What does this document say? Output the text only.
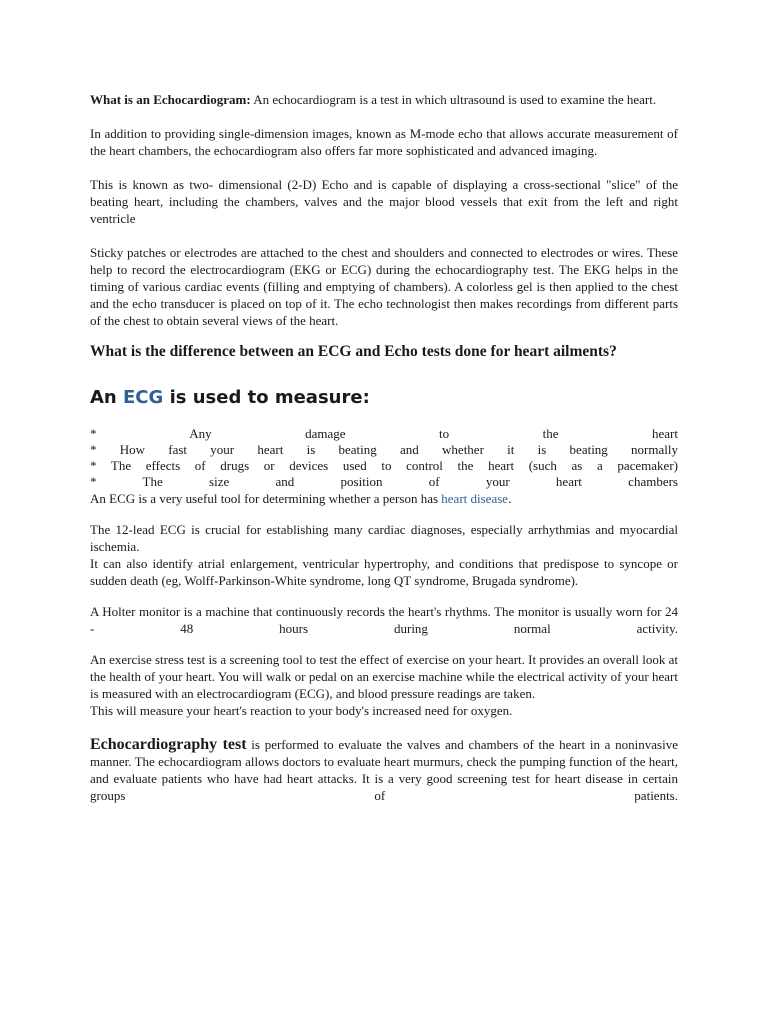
What is an Echocardiogram: An echocardiogram is a test in which ultrasound is used to examine the heart.

In addition to providing single-dimension images, known as M-mode echo that allows accurate measurement of the heart chambers, the echocardiogram also offers far more sophisticated and advanced imaging.

This is known as two- dimensional (2-D) Echo and is capable of displaying a cross-sectional "slice" of the beating heart, including the chambers, valves and the major blood vessels that exit from the left and right ventricle

Sticky patches or electrodes are attached to the chest and shoulders and connected to electrodes or wires. These help to record the electrocardiogram (EKG or ECG) during the echocardiography test. The EKG helps in the timing of various cardiac events (filling and emptying of chambers). A colorless gel is then applied to the chest and the echo transducer is placed on top of it. The echo technologist then makes recordings from different parts of the chest to obtain several views of the heart.

What is the difference between an ECG and Echo tests done for heart ailments?

An ECG is used to measure:

* Any damage to the heart
* How fast your heart is beating and whether it is beating normally
* The effects of drugs or devices used to control the heart (such as a pacemaker)
* The size and position of your heart chambers

An ECG is a very useful tool for determining whether a person has heart disease.

The 12-lead ECG is crucial for establishing many cardiac diagnoses, especially arrhythmias and myocardial ischemia.

It can also identify atrial enlargement, ventricular hypertrophy, and conditions that predispose to syncope or sudden death (eg, Wolff-Parkinson-White syndrome, long QT syndrome, Brugada syndrome).

A Holter monitor is a machine that continuously records the heart's rhythms. The monitor is usually worn for 24 - 48 hours during normal activity.

An exercise stress test is a screening tool to test the effect of exercise on your heart. It provides an overall look at the health of your heart. You will walk or pedal on an exercise machine while the electrical activity of your heart is measured with an electrocardiogram (ECG), and blood pressure readings are taken.

This will measure your heart's reaction to your body's increased need for oxygen.

Echocardiography test is performed to evaluate the valves and chambers of the heart in a noninvasive manner. The echocardiogram allows doctors to evaluate heart murmurs, check the pumping function of the heart, and evaluate patients who have had heart attacks. It is a very good screening test for heart disease in certain groups of patients.
